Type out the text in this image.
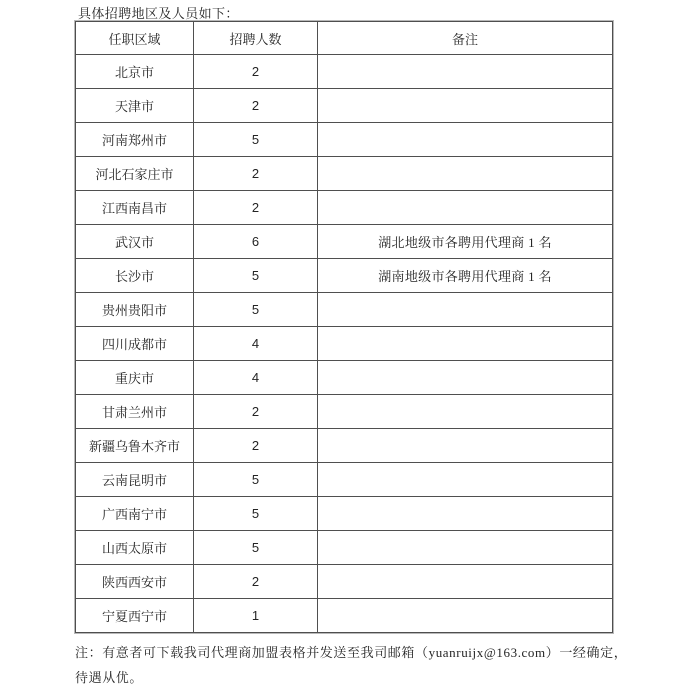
具体招聘地区及人员如下：
任职区域	招聘人数	备注
北京市	2	
天津市	2	
河南郑州市	5	
河北石家庄市	2	
江西南昌市	2	
武汉市	6	湖北地级市各聘用代理商 1 名
长沙市	5	湖南地级市各聘用代理商 1 名
贵州贵阳市	5	
四川成都市	4	
重庆市	4	
甘肃兰州市	2	
新疆乌鲁木齐市	2	
云南昆明市	5	
广西南宁市	5	
山西太原市	5	
陕西西安市	2	
宁夏西宁市	1	
注：有意者可下载我司代理商加盟表格并发送至我司邮箱（yuanruijx@163.com）一经确定，
待遇从优。
